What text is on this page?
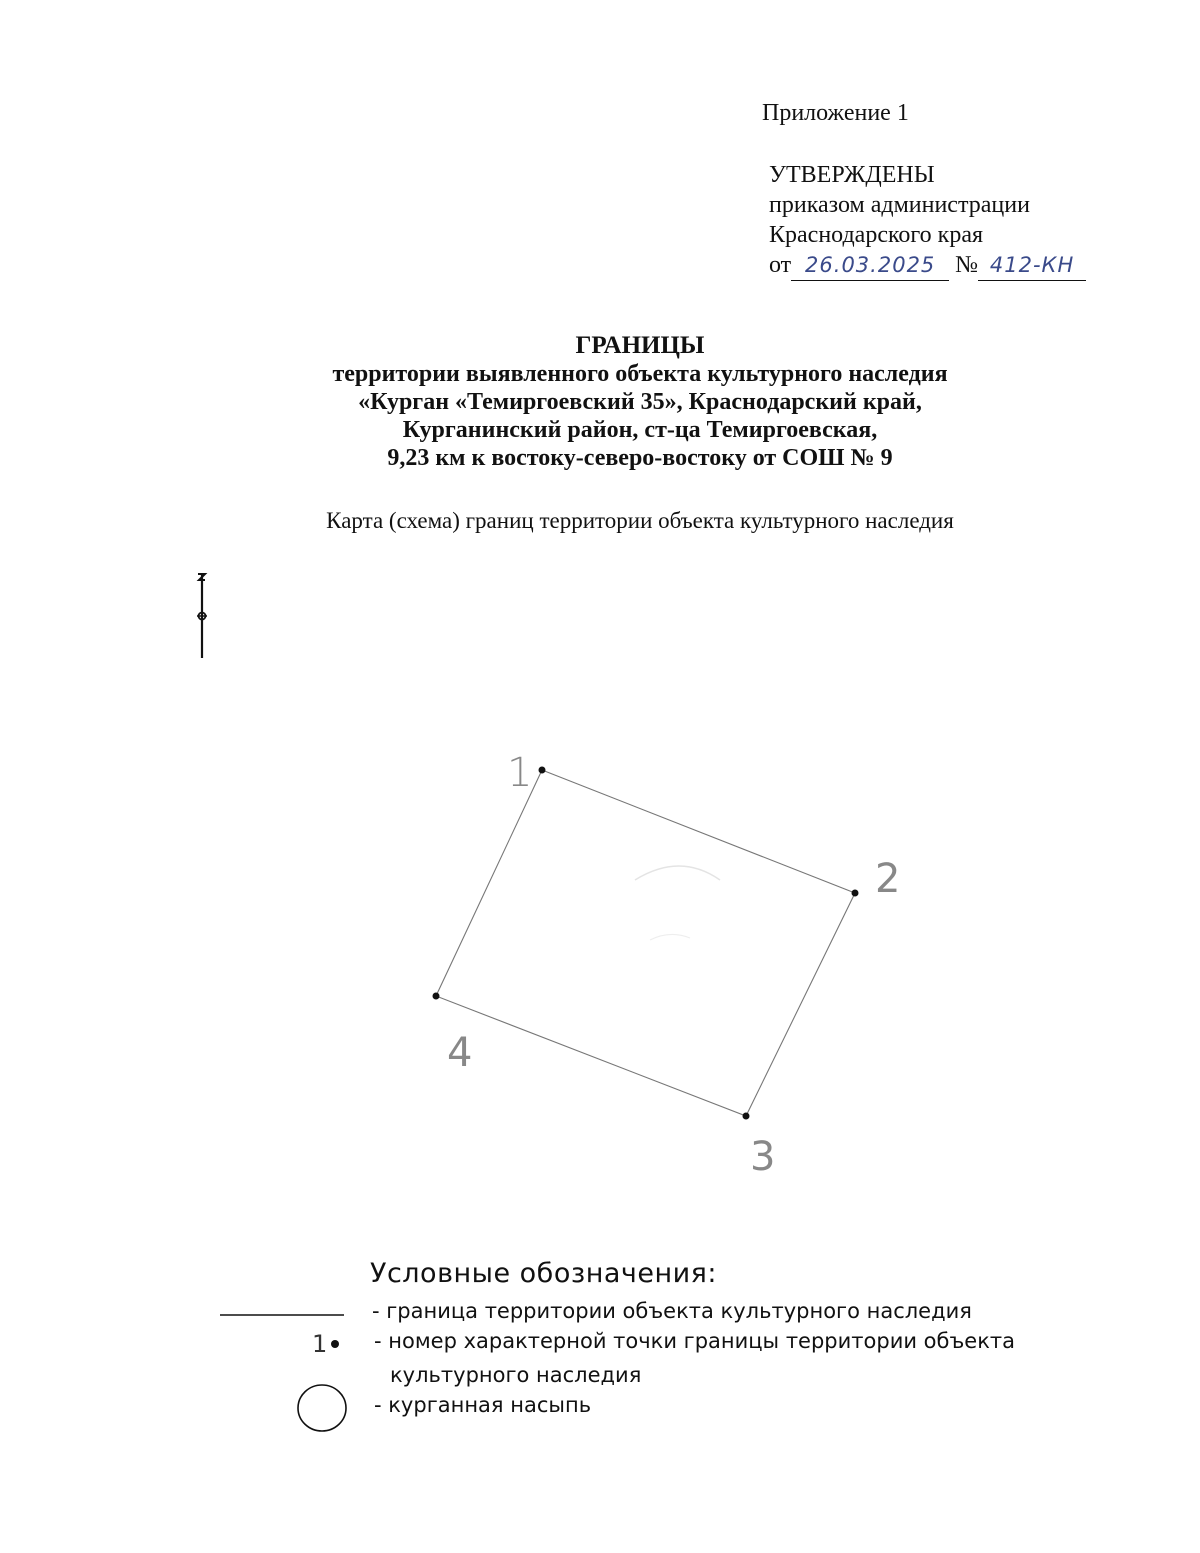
Приложение 1
УТВЕРЖДЕНЫ
приказом администрации
Краснодарского края
от 26.03.2025 № 412-КН
ГРАНИЦЫ
территории выявленного объекта культурного наследия
«Курган «Темиргоевский 35», Краснодарский край,
Курганинский район, ст-ца Темиргоевская,
9,23 км к востоку-северо-востоку от СОШ № 9
Карта (схема) границ территории объекта культурного наследия
1
2
3
4
Условные обозначения:
- граница территории объекта культурного наследия
1 - номер характерной точки границы территории объекта
культурного наследия
- курганная насыпь
